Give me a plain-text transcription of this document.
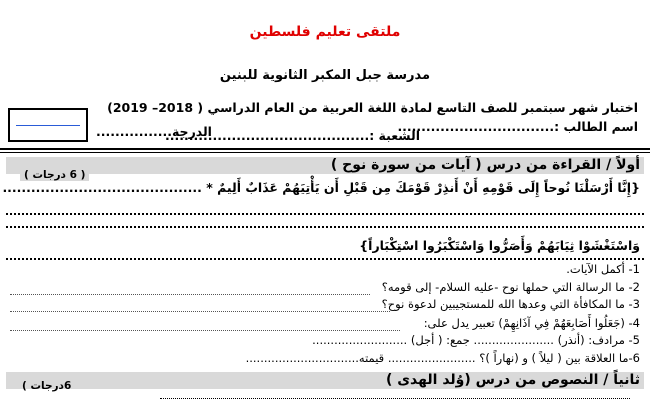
ملتقى تعليم فلسطين
مدرسة جبل المكبر الثانوية للبنين
اختبار شهر سبتمبر للصف التاسع لمادة اللغة العربية من العام الدراسي ( 2018– 2019)
اسم الطالب :.................................
الشعبة :...........................................
الدرجة................
أولاً / القراءة من درس ( آيات من سورة نوح )
( 6 درجات )
{إِنَّا أَرْسَلْنَا نُوحاً إِلَى قَوْمِهِ أَنْ أَنذِرْ قَوْمَكَ مِن قَبْلِ أَن يَأْتِيَهُمْ عَذَابٌ أَلِيمٌ * ..........................................
وَاسْتَغْشَوْا ثِيَابَهُمْ وَأَصَرُّوا وَاسْتَكْبَرُوا اسْتِكْبَاراً}
1- أكمل الآيات.
2- ما الرسالة التي حملها نوح -عليه السلام- إلى قومه؟
3- ما المكافأة التي وعدها الله للمستجيبين لدعوة نوح؟
4- (جَعَلُوا أَصَابِعَهُمْ فِي آذَانِهِمْ) تعبير يدل على:
5- مرادف: (أنذر) ...................... جمع: ( أجل) ..........................
6-ما العلاقة بين ( ليلاً ) و (نهاراً )؟ ........................ قيمته...............................
ثانياً / النصوص من درس (وُلد الهدى )
6درجات )
